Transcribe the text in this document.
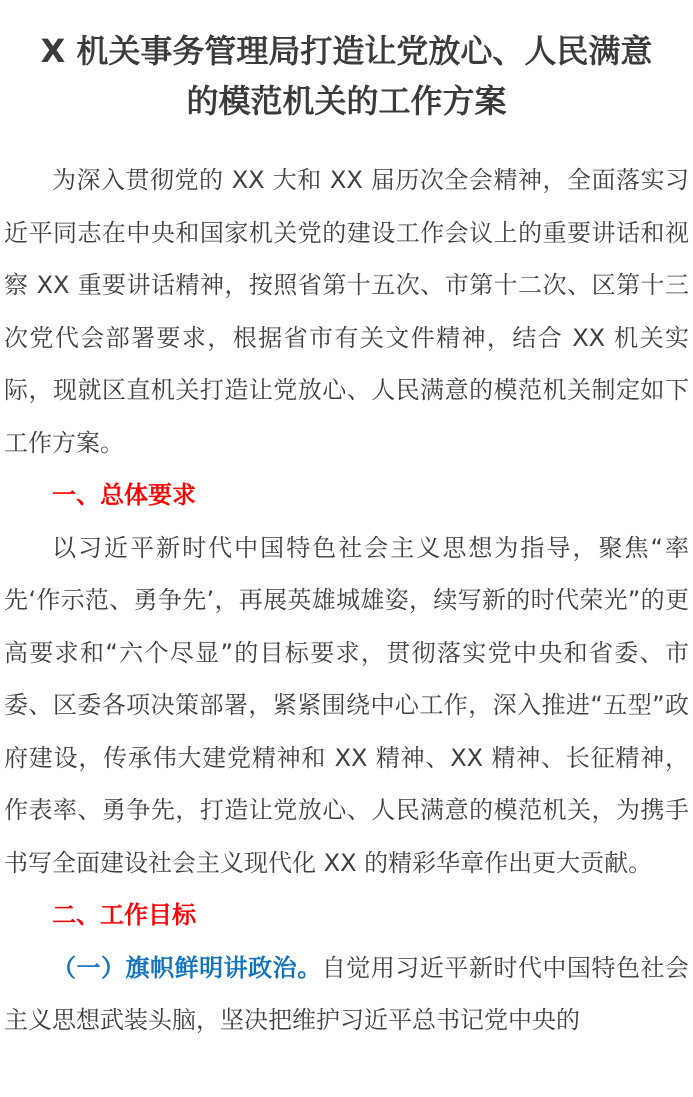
X 机关事务管理局打造让党放心、人民满意
的模范机关的工作方案

为深入贯彻党的 XX 大和 XX 届历次全会精神，全面落实习近平同志在中央和国家机关党的建设工作会议上的重要讲话和视察 XX 重要讲话精神，按照省第十五次、市第十二次、区第十三次党代会部署要求，根据省市有关文件精神，结合 XX 机关实际，现就区直机关打造让党放心、人民满意的模范机关制定如下工作方案。

一、总体要求

以习近平新时代中国特色社会主义思想为指导，聚焦“率先‘作示范、勇争先’，再展英雄城雄姿，续写新的时代荣光”的更高要求和“六个尽显”的目标要求，贯彻落实党中央和省委、市委、区委各项决策部署，紧紧围绕中心工作，深入推进“五型”政府建设，传承伟大建党精神和 XX 精神、XX 精神、长征精神，作表率、勇争先，打造让党放心、人民满意的模范机关，为携手书写全面建设社会主义现代化 XX 的精彩华章作出更大贡献。

二、工作目标

（一）旗帜鲜明讲政治。自觉用习近平新时代中国特色社会主义思想武装头脑，坚决把维护习近平总书记党中央的
